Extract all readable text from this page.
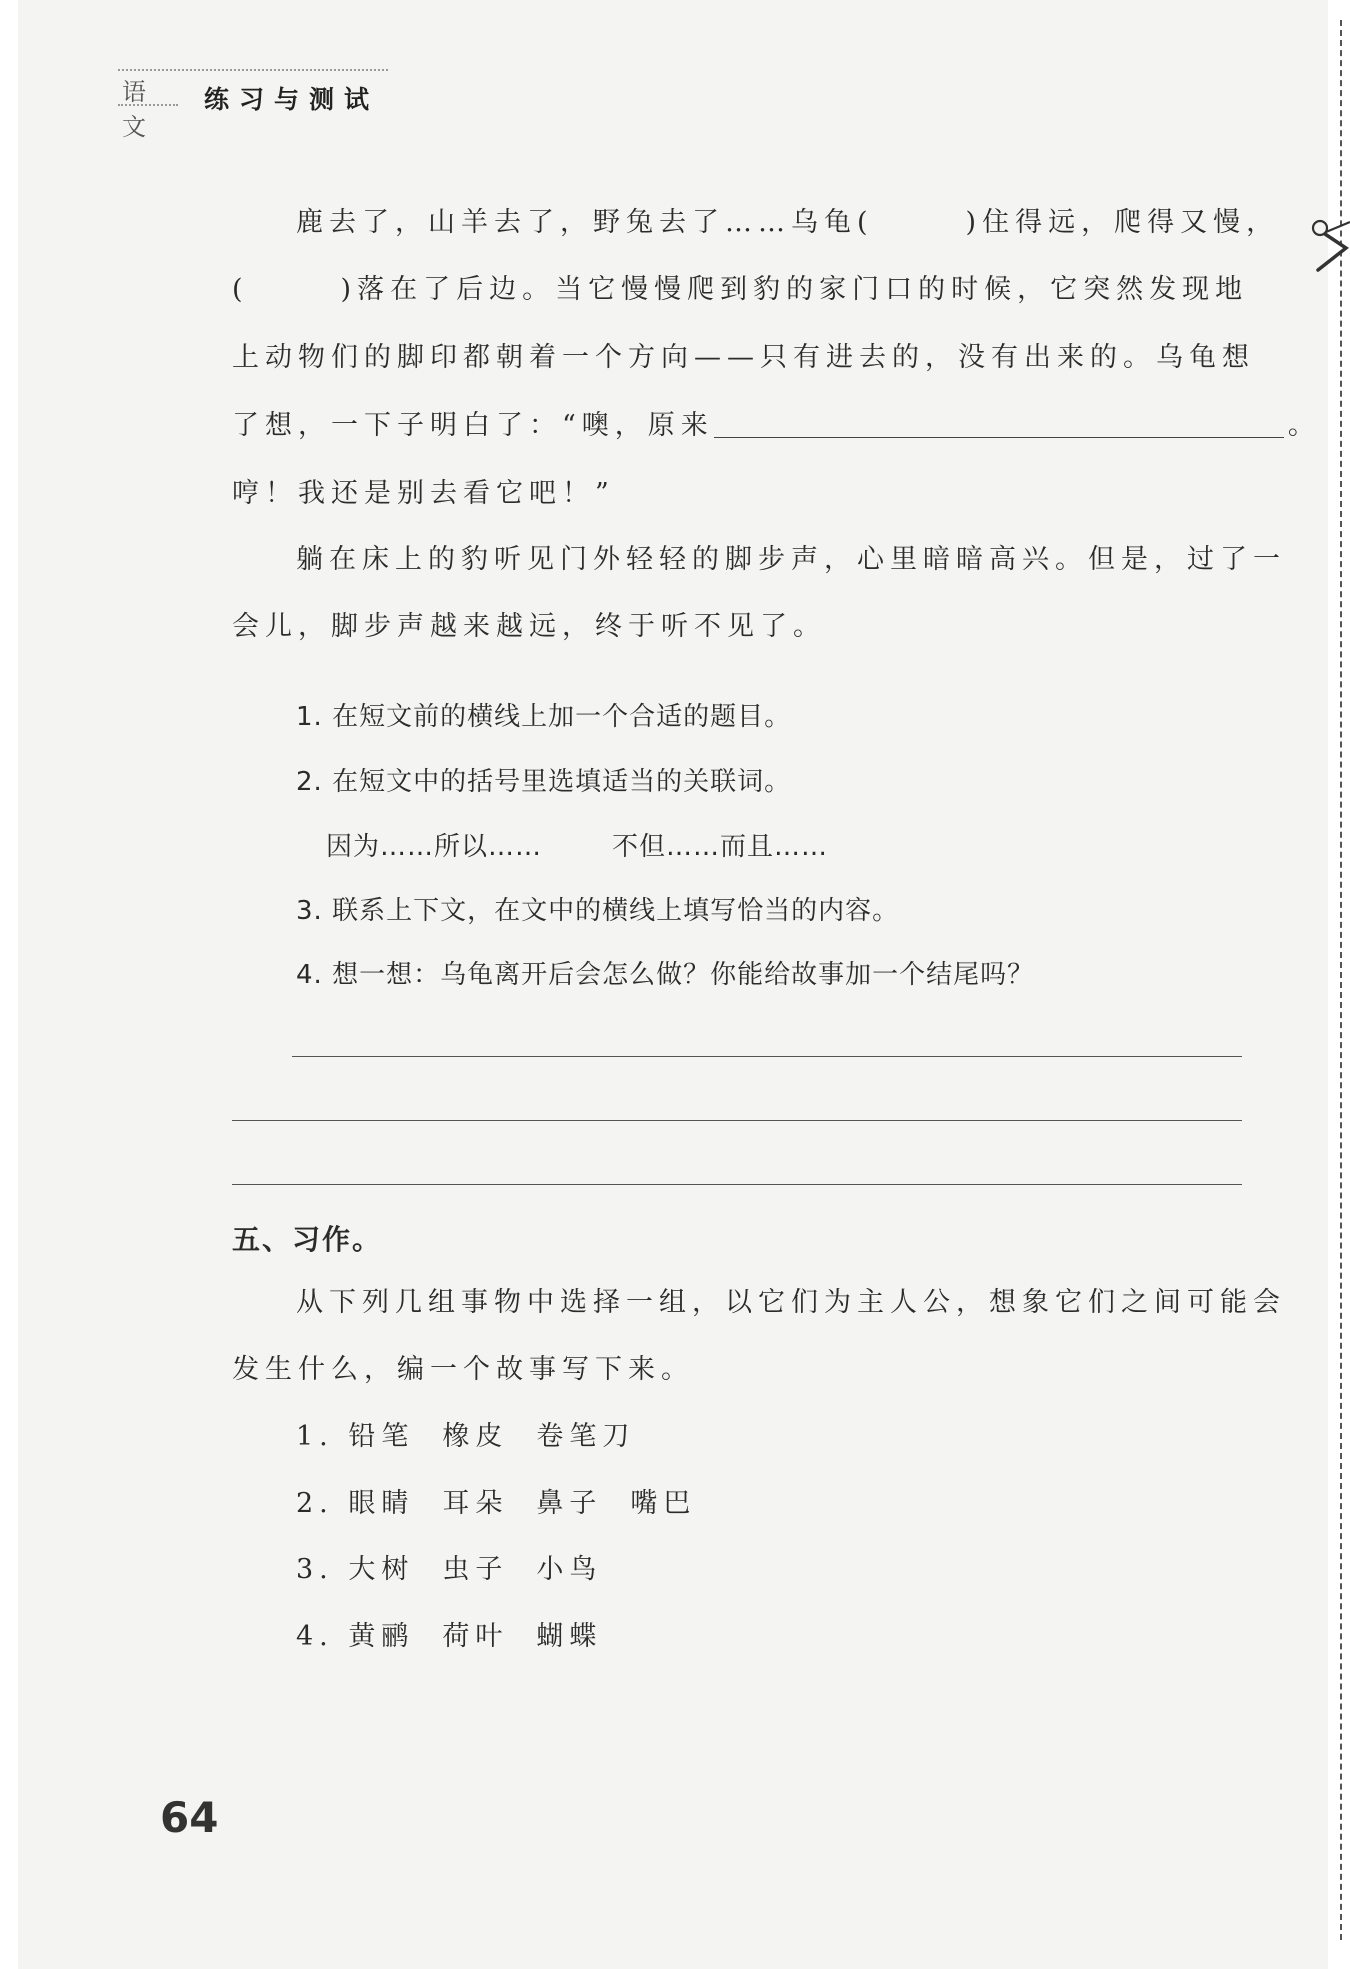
语文
练习与测试
鹿去了，山羊去了，野兔去了……乌龟(	)住得远，爬得又慢，
(	)落在了后边。当它慢慢爬到豹的家门口的时候，它突然发现地
上动物们的脚印都朝着一个方向——只有进去的，没有出来的。乌龟想
了想，一下子明白了：“噢，原来	。
哼！我还是别去看它吧！”
躺在床上的豹听见门外轻轻的脚步声，心里暗暗高兴。但是，过了一
会儿，脚步声越来越远，终于听不见了。
1. 在短文前的横线上加一个合适的题目。
2. 在短文中的括号里选填适当的关联词。
因为……所以……	不但……而且……
3. 联系上下文，在文中的横线上填写恰当的内容。
4. 想一想：乌龟离开后会怎么做？你能给故事加一个结尾吗？
五、习作。
从下列几组事物中选择一组，以它们为主人公，想象它们之间可能会
发生什么，编一个故事写下来。
1. 铅笔 橡皮 卷笔刀
2. 眼睛 耳朵 鼻子 嘴巴
3. 大树 虫子 小鸟
4. 黄鹂 荷叶 蝴蝶
64
